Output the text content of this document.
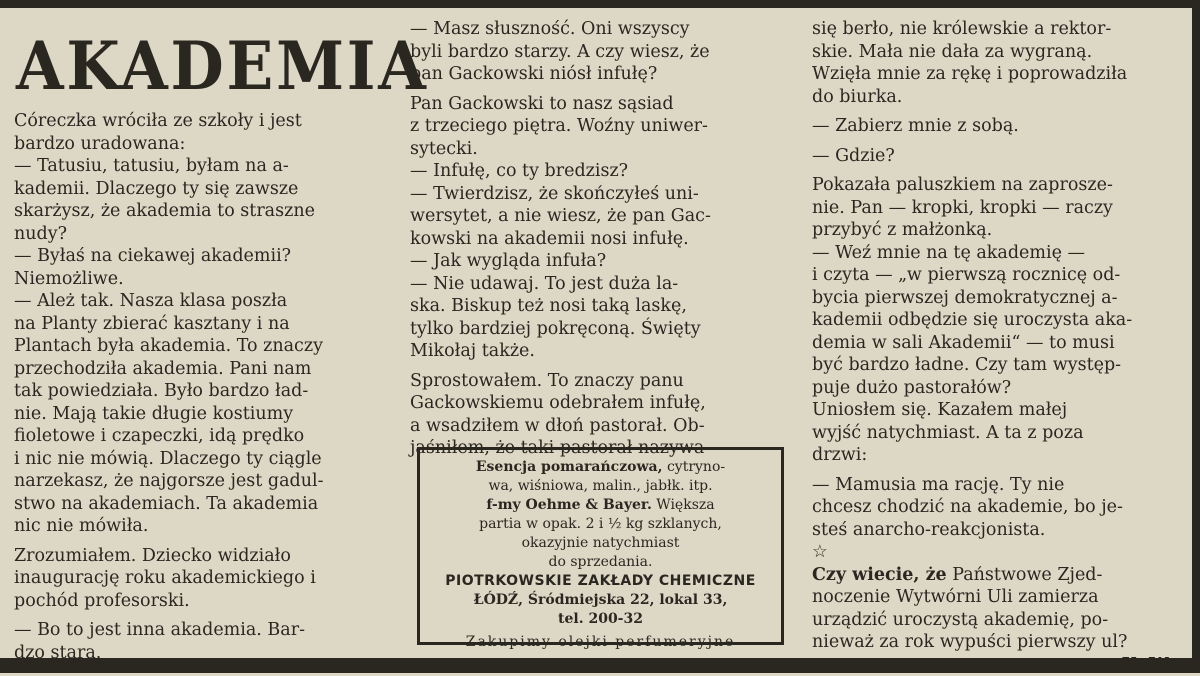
AKADEMIA

Córeczka wróciła ze szkoły i jest
bardzo uradowana:

— Tatusiu, tatusiu, byłam na a-
kademii. Dlaczego ty się zawsze
skarżysz, że akademia to straszne
nudy?

— Byłaś na ciekawej akademii?
Niemożliwe.

— Ależ tak. Nasza klasa poszła
na Planty zbierać kasztany i na
Plantach była akademia. To znaczy
przechodziła akademia. Pani nam
tak powiedziała. Było bardzo ład-
nie. Mają takie długie kostiumy
fioletowe i czapeczki, idą prędko
i nic nie mówią. Dlaczego ty ciągle
narzekasz, że najgorsze jest gadul-
stwo na akademiach. Ta akademia
nic nie mówiła.

Zrozumiałem. Dziecko widziało
inaugurację roku akademickiego i
pochód profesorski.

— Bo to jest inna akademia. Bar-
dzo stara.

— Masz słuszność. Oni wszyscy
byli bardzo starzy. A czy wiesz, że
pan Gackowski niósł infułę?

Pan Gackowski to nasz sąsiad
z trzeciego piętra. Woźny uniwer-
sytecki.

— Infułę, co ty bredzisz?
— Twierdzisz, że skończyłeś uni-
wersytet, a nie wiesz, że pan Gac-
kowski na akademii nosi infułę.
— Jak wygląda infuła?
— Nie udawaj. To jest duża la-
ska. Biskup też nosi taką laskę,
tylko bardziej pokręconą. Święty
Mikołaj także.

Sprostowałem. To znaczy panu
Gackowskiemu odebrałem infułę,
a wsadziłem w dłoń pastorał. Ob-
jaśniłem, że taki pastorał nazywa

się berło, nie królewskie a rektor-
skie. Mała nie dała za wygraną.
Wzięła mnie za rękę i poprowadziła
do biurka.

— Zabierz mnie z sobą.

— Gdzie?

Pokazała paluszkiem na zaprosze-
nie. Pan — kropki, kropki — raczy
przybyć z małżonką.
— Weź mnie na tę akademię —
i czyta — „w pierwszą rocznicę od-
bycia pierwszej demokratycznej a-
kademii odbędzie się uroczysta aka-
demia w sali Akademii“ — to musi
być bardzo ładne. Czy tam występ-
puje dużo pastorałów?
Uniosłem się. Kazałem małej
wyjść natychmiast. A ta z poza
drzwi:

— Mamusia ma rację. Ty nie
chcesz chodzić na akademie, bo je-
steś anarcho-reakcjonista.

☆

Czy wiecie, że Państwowe Zjed-
noczenie Wytwórni Uli zamierza
urządzić uroczystą akademię, po-
nieważ za rok wypuści pierwszy ul?

K. W.

Esencja pomarańczowa, cytryno-
wa, wiśniowa, malin., jabłk. itp.
f-my Oehme & Bayer. Większa
partia w opak. 2 i ½ kg szklanych,
okazyjnie natychmiast
do sprzedania.
PIOTRKOWSKIE ZAKŁADY CHEMICZNE
ŁÓDŹ, Śródmiejska 22, lokal 33,
tel. 200-32
Zakupimy olejki perfumeryjne
